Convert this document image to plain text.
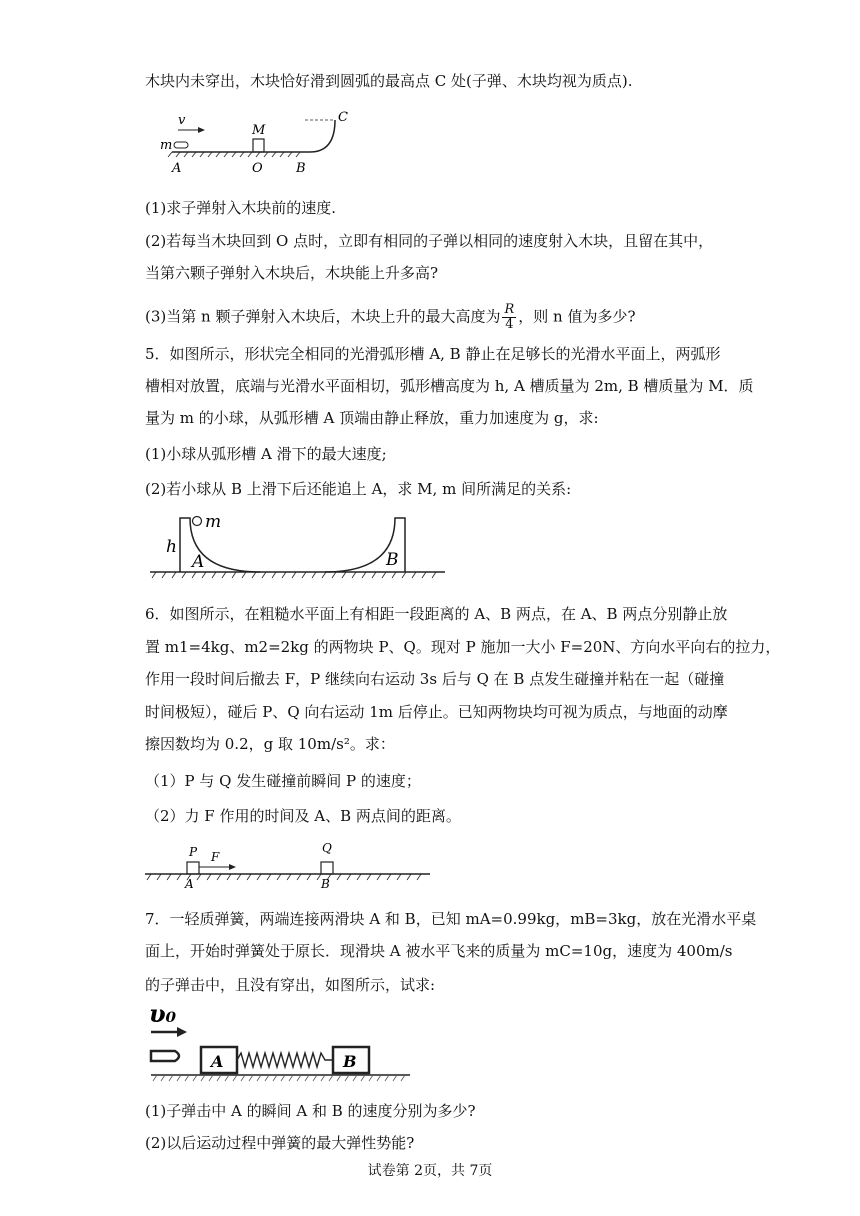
木块内未穿出，木块恰好滑到圆弧的最高点 C 处(子弹、木块均视为质点).
v
m
M
C
A	O	B
(1)求子弹射入木块前的速度.
(2)若每当木块回到 O 点时，立即有相同的子弹以相同的速度射入木块，且留在其中，
当第六颗子弹射入木块后，木块能上升多高?
(3)当第 n 颗子弹射入木块后，木块上升的最大高度为 $\frac{R}{4}$ ，则 n 值为多少?
5．如图所示，形状完全相同的光滑弧形槽 A, B 静止在足够长的光滑水平面上，两弧形
槽相对放置，底端与光滑水平面相切，弧形槽高度为 h, A 槽质量为 2m, B 槽质量为 M．质
量为 m 的小球，从弧形槽 A 顶端由静止释放，重力加速度为 g，求:
(1)小球从弧形槽 A 滑下的最大速度;
(2)若小球从 B 上滑下后还能追上 A，求 M, m 间所满足的关系:
m
h
A	B
6．如图所示，在粗糙水平面上有相距一段距离的 A、B 两点，在 A、B 两点分别静止放
置 m1=4kg、m2=2kg 的两物块 P、Q。现对 P 施加一大小 F=20N、方向水平向右的拉力，
作用一段时间后撤去 F，P 继续向右运动 3s 后与 Q 在 B 点发生碰撞并粘在一起（碰撞
时间极短），碰后 P、Q 向右运动 1m 后停止。已知两物块均可视为质点，与地面的动摩
擦因数均为 0.2，g 取 10m/s²。求：
（1）P 与 Q 发生碰撞前瞬间 P 的速度；
（2）力 F 作用的时间及 A、B 两点间的距离。
P F
Q
A	B
7．一轻质弹簧，两端连接两滑块 A 和 B，已知 mA=0.99kg，mB=3kg，放在光滑水平桌
面上，开始时弹簧处于原长．现滑块 A 被水平飞来的质量为 mC=10g，速度为 400m/s
的子弹击中，且没有穿出，如图所示，试求:
υ₀
A	B
(1)子弹击中 A 的瞬间 A 和 B 的速度分别为多少?
(2)以后运动过程中弹簧的最大弹性势能?
试卷第 2页，共 7页
